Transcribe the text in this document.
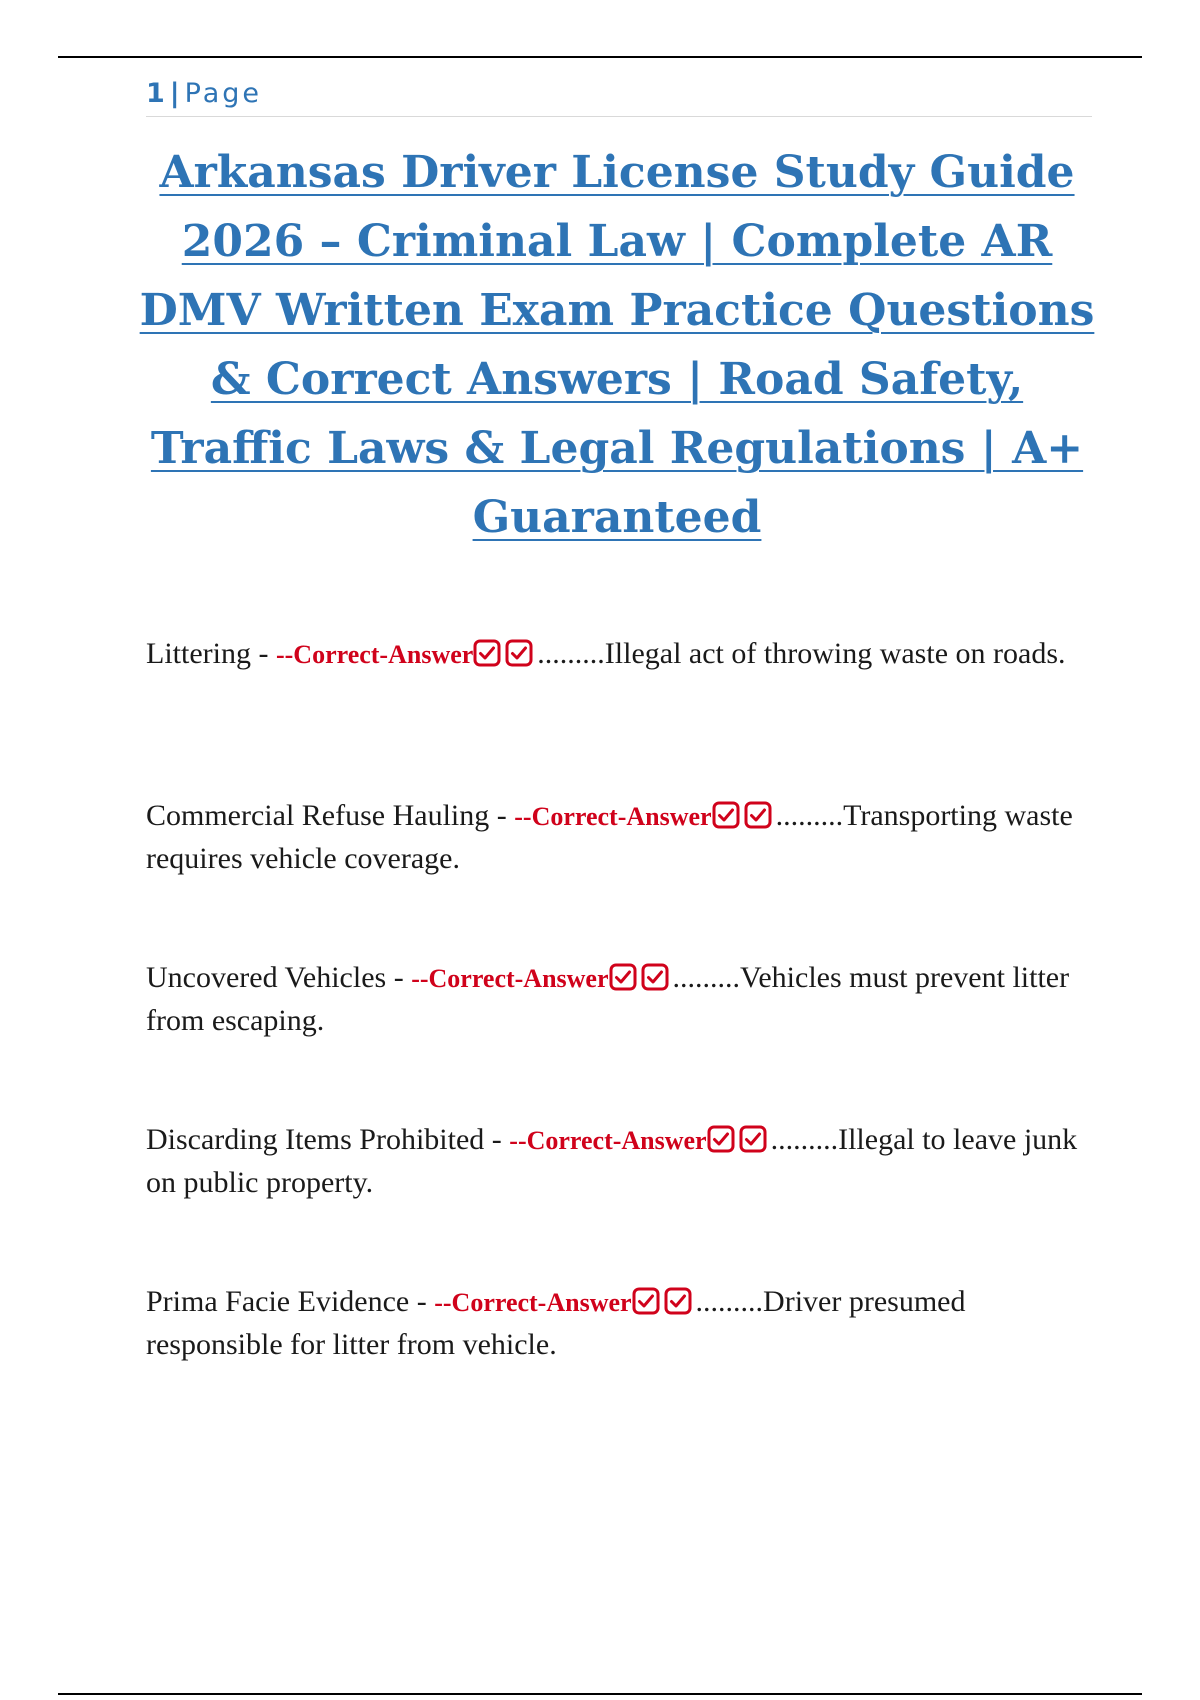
1|Page
Arkansas Driver License Study Guide 2026 – Criminal Law | Complete AR DMV Written Exam Practice Questions & Correct Answers | Road Safety, Traffic Laws & Legal Regulations | A+ Guaranteed
Littering - --Correct-Answer .........Illegal act of throwing waste on roads.
Commercial Refuse Hauling - --Correct-Answer .........Transporting waste requires vehicle coverage.
Uncovered Vehicles - --Correct-Answer .........Vehicles must prevent litter from escaping.
Discarding Items Prohibited - --Correct-Answer .........Illegal to leave junk on public property.
Prima Facie Evidence - --Correct-Answer .........Driver presumed responsible for litter from vehicle.
